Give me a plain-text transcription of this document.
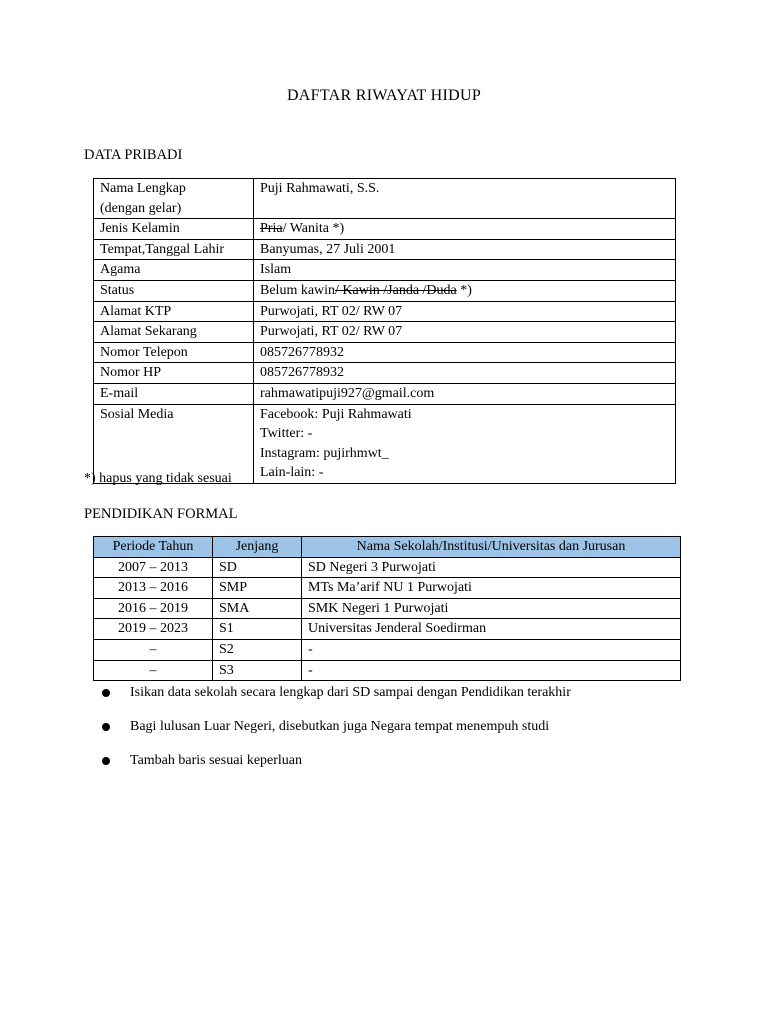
DAFTAR RIWAYAT HIDUP
DATA PRIBADI
Nama Lengkap
(dengan gelar)	Puji Rahmawati, S.S.
Jenis Kelamin	Pria/ Wanita *)
Tempat,Tanggal Lahir	Banyumas, 27 Juli 2001
Agama	Islam
Status	Belum kawin/ Kawin /Janda /Duda *)
Alamat KTP	Purwojati, RT 02/ RW 07
Alamat Sekarang	Purwojati, RT 02/ RW 07
Nomor Telepon	085726778932
Nomor HP	085726778932
E-mail	rahmawatipuji927@gmail.com
Sosial Media	Facebook: Puji Rahmawati
Twitter: -
Instagram: pujirhmwt_
Lain-lain: -
*) hapus yang tidak sesuai
PENDIDIKAN FORMAL
Periode Tahun	Jenjang	Nama Sekolah/Institusi/Universitas dan Jurusan
2007 – 2013	SD	SD Negeri 3 Purwojati
2013 – 2016	SMP	MTs Ma’arif NU 1 Purwojati
2016 – 2019	SMA	SMK Negeri 1 Purwojati
2019 – 2023	S1	Universitas Jenderal Soedirman
–	S2	-
–	S3	-
Isikan data sekolah secara lengkap dari SD sampai dengan Pendidikan terakhir
Bagi lulusan Luar Negeri, disebutkan juga Negara tempat menempuh studi
Tambah baris sesuai keperluan
